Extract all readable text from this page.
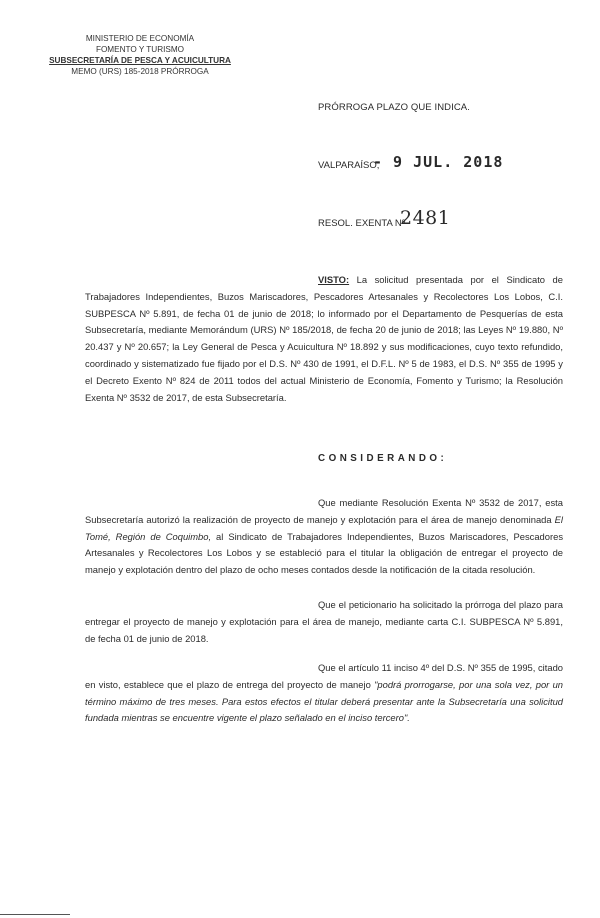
MINISTERIO DE ECONOMÍA
FOMENTO Y TURISMO
SUBSECRETARÍA DE PESCA Y ACUICULTURA
MEMO (URS) 185-2018 PRÓRROGA
PRÓRROGA PLAZO QUE INDICA.
VALPARAÍSO,
- 9 JUL. 2018
RESOL. EXENTA Nº
2481
VISTO: La solicitud presentada por el Sindicato de Trabajadores Independientes, Buzos Mariscadores, Pescadores Artesanales y Recolectores Los Lobos, C.I. SUBPESCA Nº 5.891, de fecha 01 de junio de 2018; lo informado por el Departamento de Pesquerías de esta Subsecretaría, mediante Memorándum (URS) Nº 185/2018, de fecha 20 de junio de 2018; las Leyes Nº 19.880, Nº 20.437 y Nº 20.657; la Ley General de Pesca y Acuicultura Nº 18.892 y sus modificaciones, cuyo texto refundido, coordinado y sistematizado fue fijado por el D.S. Nº 430 de 1991, el D.F.L. Nº 5 de 1983, el D.S. Nº 355 de 1995 y el Decreto Exento Nº 824 de 2011 todos del actual Ministerio de Economía, Fomento y Turismo; la Resolución Exenta Nº 3532 de 2017, de esta Subsecretaría.
CONSIDERANDO:
Que mediante Resolución Exenta Nº 3532 de 2017, esta Subsecretaría autorizó la realización de proyecto de manejo y explotación para el área de manejo denominada El Tomé, Región de Coquimbo, al Sindicato de Trabajadores Independientes, Buzos Mariscadores, Pescadores Artesanales y Recolectores Los Lobos y se estableció para el titular la obligación de entregar el proyecto de manejo y explotación dentro del plazo de ocho meses contados desde la notificación de la citada resolución.
Que el peticionario ha solicitado la prórroga del plazo para entregar el proyecto de manejo y explotación para el área de manejo, mediante carta C.I. SUBPESCA Nº 5.891, de fecha 01 de junio de 2018.
Que el artículo 11 inciso 4º del D.S. Nº 355 de 1995, citado en visto, establece que el plazo de entrega del proyecto de manejo "podrá prorrogarse, por una sola vez, por un término máximo de tres meses. Para estos efectos el titular deberá presentar ante la Subsecretaría una solicitud fundada mientras se encuentre vigente el plazo señalado en el inciso tercero".
